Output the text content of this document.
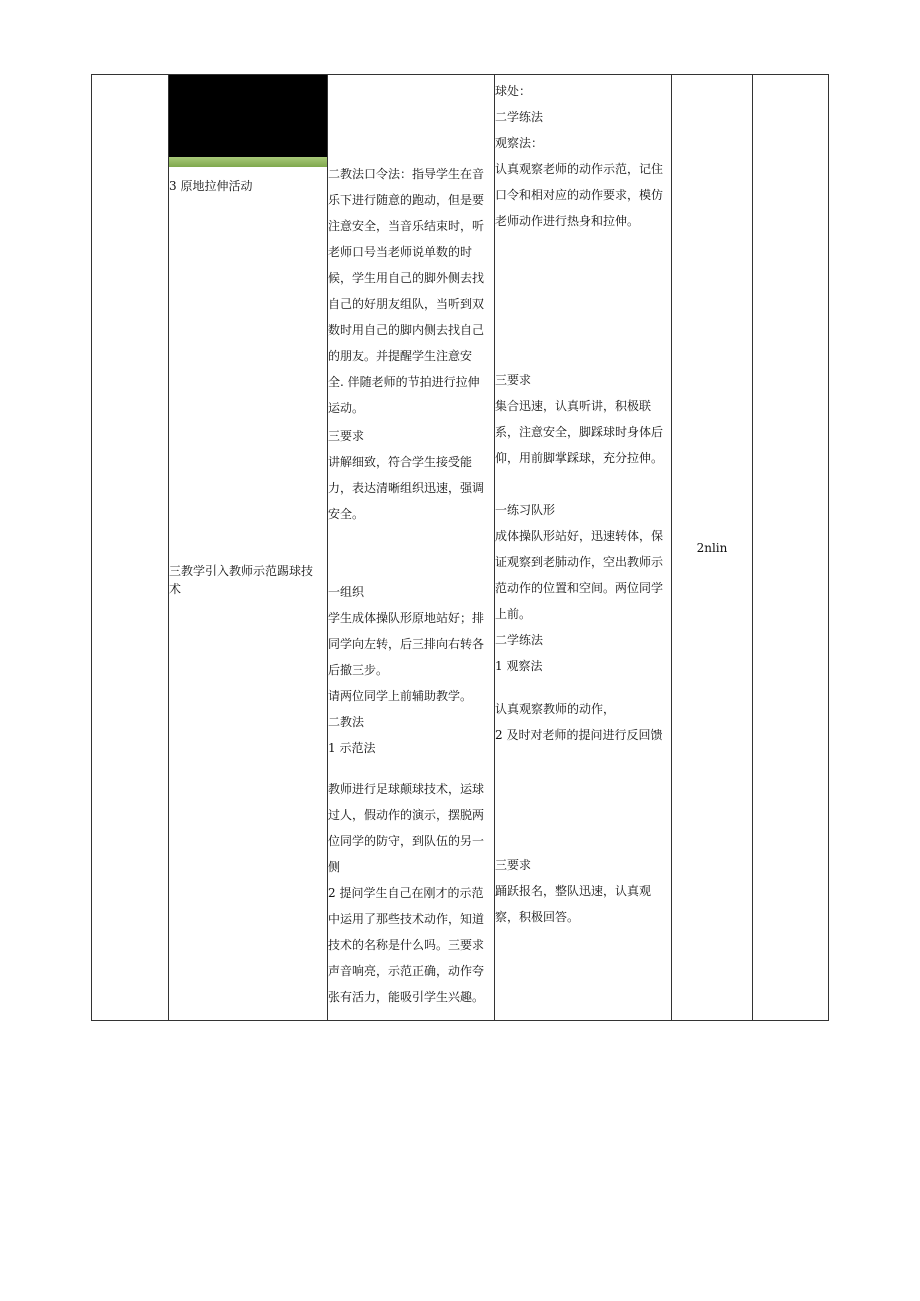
3 原地拉伸活动
三教学引入教师示范踢球技
术
二教法口令法：指导学生在音
乐下进行随意的跑动，但是要
注意安全，当音乐结束时，听
老师口号当老师说单数的时
候，学生用自己的脚外侧去找
自己的好朋友组队，当听到双
数时用自己的脚内侧去找自己
的朋友。并提醒学生注意安
全. 伴随老师的节拍进行拉伸
运动。
三要求
讲解细致，符合学生接受能
力，表达清晰组织迅速，强调
安全。
一组织
学生成体操队形原地站好；排
同学向左转，后三排向右转各
后撤三步。
请两位同学上前辅助教学。
二教法
1 示范法
教师进行足球颠球技术，运球
过人，假动作的演示，摆脱两
位同学的防守，到队伍的另一
侧
2 提问学生自己在刚才的示范
中运用了那些技术动作，知道
技术的名称是什么吗。三要求
声音响亮，示范正确，动作夸
张有活力，能吸引学生兴趣。
球处：
二学练法
观察法：
认真观察老师的动作示范，记住
口令和相对应的动作要求，模仿
老师动作进行热身和拉伸。
三要求
集合迅速，认真听讲，积极联
系，注意安全，脚踩球时身体后
仰，用前脚掌踩球，充分拉伸。
一练习队形
成体操队形站好，迅速转体，保
证观察到老肺动作，空出教师示
范动作的位置和空间。两位同学
上前。
二学练法
1 观察法
认真观察教师的动作，
2 及时对老师的提问进行反回馈
三要求
踊跃报名，整队迅速，认真观
察，积极回答。
2nlin
